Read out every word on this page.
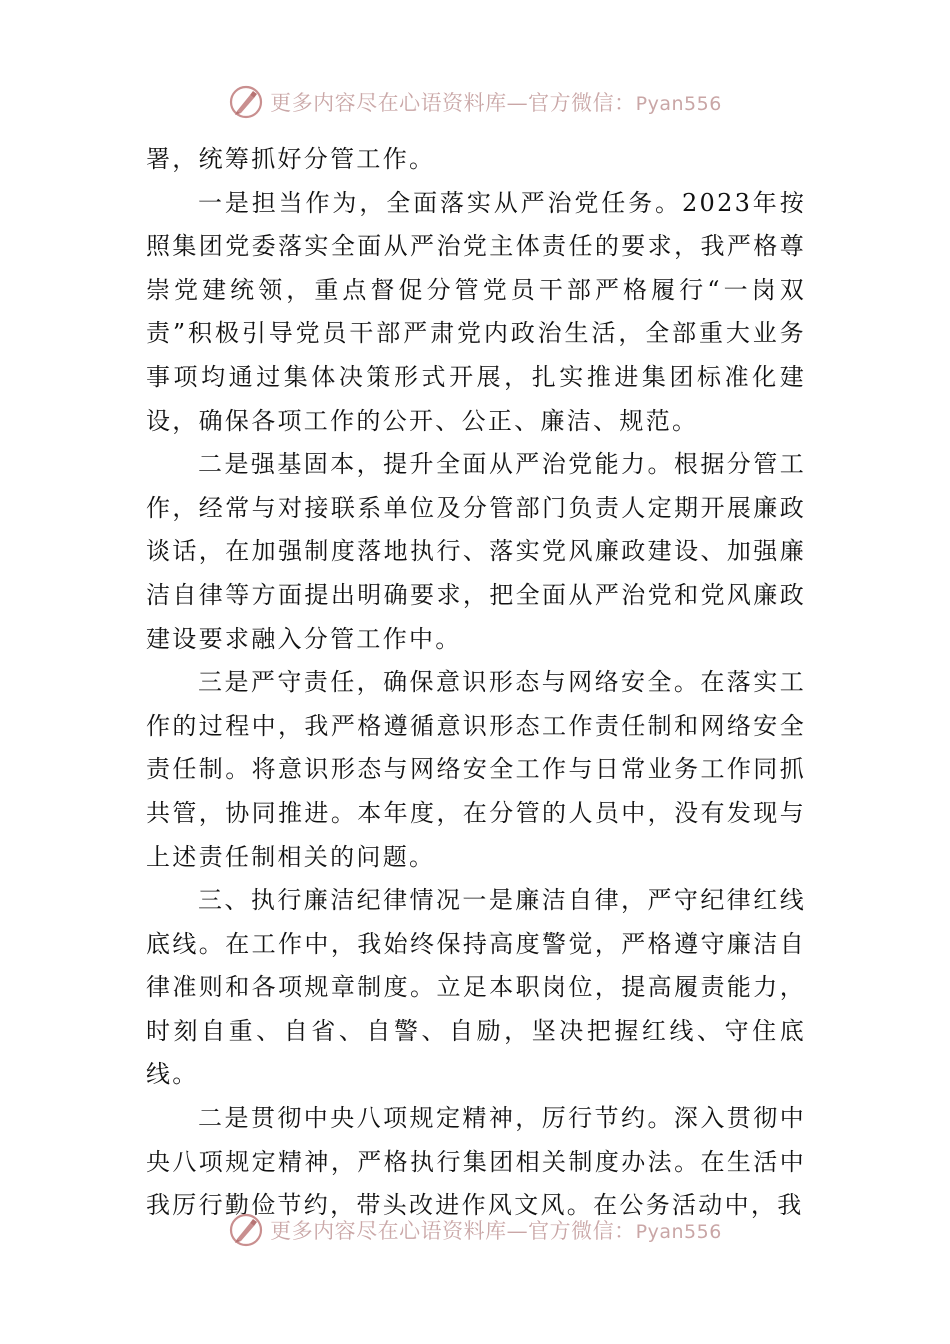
更多内容尽在心语资料库—官方微信：Pyan556

署，统筹抓好分管工作。

一是担当作为，全面落实从严治党任务。2023年按照集团党委落实全面从严治党主体责任的要求，我严格尊崇党建统领，重点督促分管党员干部严格履行“一岗双责”积极引导党员干部严肃党内政治生活，全部重大业务事项均通过集体决策形式开展，扎实推进集团标准化建设，确保各项工作的公开、公正、廉洁、规范。

二是强基固本，提升全面从严治党能力。根据分管工作，经常与对接联系单位及分管部门负责人定期开展廉政谈话，在加强制度落地执行、落实党风廉政建设、加强廉洁自律等方面提出明确要求，把全面从严治党和党风廉政建设要求融入分管工作中。

三是严守责任，确保意识形态与网络安全。在落实工作的过程中，我严格遵循意识形态工作责任制和网络安全责任制。将意识形态与网络安全工作与日常业务工作同抓共管，协同推进。本年度，在分管的人员中，没有发现与上述责任制相关的问题。

三、执行廉洁纪律情况一是廉洁自律，严守纪律红线底线。在工作中，我始终保持高度警觉，严格遵守廉洁自律准则和各项规章制度。立足本职岗位，提高履责能力，时刻自重、自省、自警、自励，坚决把握红线、守住底线。

二是贯彻中央八项规定精神，厉行节约。深入贯彻中央八项规定精神，严格执行集团相关制度办法。在生活中我厉行勤俭节约，带头改进作风文风。在公务活动中，我

更多内容尽在心语资料库—官方微信：Pyan556
